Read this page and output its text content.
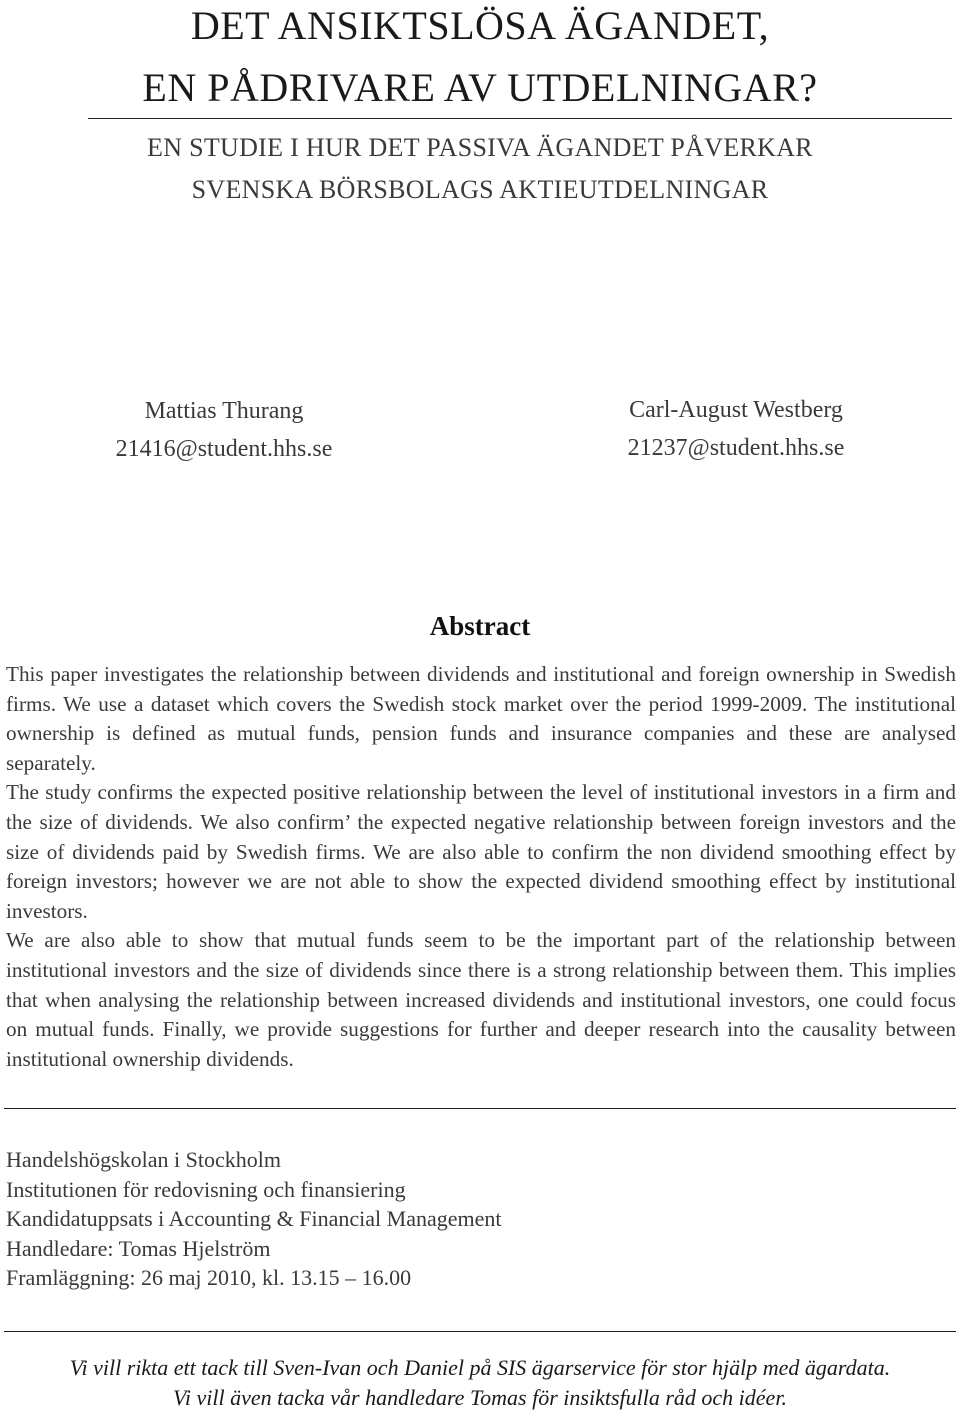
DET ANSIKTSLÖSA ÄGANDET,
EN PÅDRIVARE AV UTDELNINGAR?
EN STUDIE I HUR DET PASSIVA ÄGANDET PÅVERKAR
SVENSKA BÖRSBOLAGS AKTIEUTDELNINGAR
Mattias Thurang
21416@student.hhs.se
Carl-August Westberg
21237@student.hhs.se
Abstract

This paper investigates the relationship between dividends and institutional and foreign ownership in Swedish firms. We use a dataset which covers the Swedish stock market over the period 1999-2009. The institutional ownership is defined as mutual funds, pension funds and insurance companies and these are analysed separately.

The study confirms the expected positive relationship between the level of institutional investors in a firm and the size of dividends. We also confirm’ the expected negative relationship between foreign investors and the size of dividends paid by Swedish firms. We are also able to confirm the non dividend smoothing effect by foreign investors; however we are not able to show the expected dividend smoothing effect by institutional investors.

We are also able to show that mutual funds seem to be the important part of the relationship between institutional investors and the size of dividends since there is a strong relationship between them. This implies that when analysing the relationship between increased dividends and institutional investors, one could focus on mutual funds. Finally, we provide suggestions for further and deeper research into the causality between institutional ownership dividends.

Handelshögskolan i Stockholm
Institutionen för redovisning och finansiering
Kandidatuppsats i Accounting & Financial Management
Handledare: Tomas Hjelström
Framläggning: 26 maj 2010, kl. 13.15 – 16.00
Vi vill rikta ett tack till Sven-Ivan och Daniel på SIS ägarservice för stor hjälp med ägardata.
Vi vill även tacka vår handledare Tomas för insiktsfulla råd och idéer.
